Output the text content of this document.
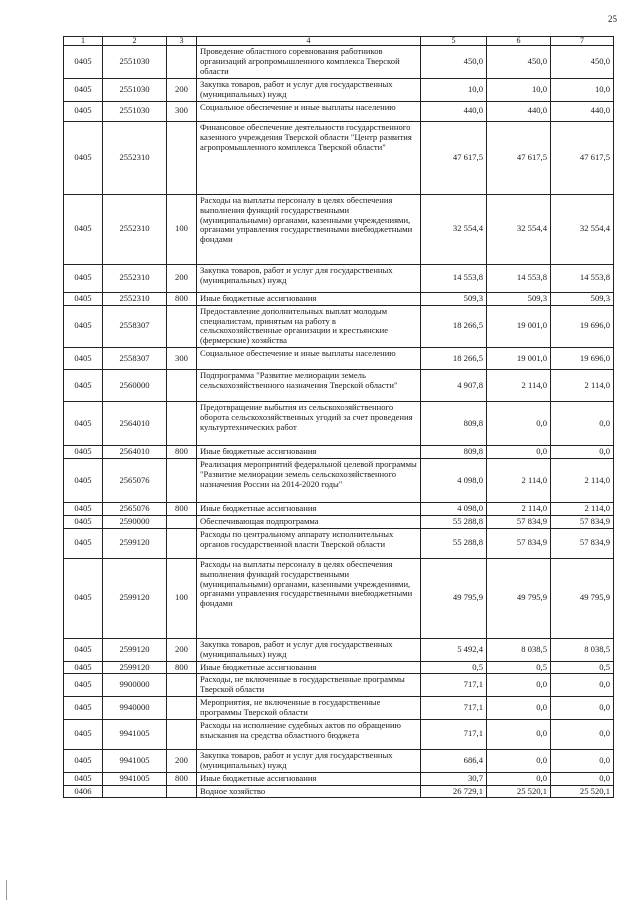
25
1	2	3	4	5	6	7
0405	2551030		Проведение областного соревнования работников организаций агропромышленного комплекса Тверской области	450,0	450,0	450,0
0405	2551030	200	Закупка товаров, работ и услуг для государственных (муниципальных) нужд	10,0	10,0	10,0
0405	2551030	300	Социальное обеспечение и иные выплаты населению	440,0	440,0	440,0
0405	2552310		Финансовое обеспечение деятельности государственного казенного учреждения Тверской области "Центр развития агропромышленного комплекса Тверской области"	47 617,5	47 617,5	47 617,5
0405	2552310	100	Расходы на выплаты персоналу в целях обеспечения выполнения функций государственными (муниципальными) органами, казенными учреждениями, органами управления государственными внебюджетными фондами	32 554,4	32 554,4	32 554,4
0405	2552310	200	Закупка товаров, работ и услуг для государственных (муниципальных) нужд	14 553,8	14 553,8	14 553,8
0405	2552310	800	Иные бюджетные ассигнования	509,3	509,3	509,3
0405	2558307		Предоставление дополнительных выплат молодым специалистам, принятым на работу в сельскохозяйственные организации и крестьянские (фермерские) хозяйства	18 266,5	19 001,0	19 696,0
0405	2558307	300	Социальное обеспечение и иные выплаты населению	18 266,5	19 001,0	19 696,0
0405	2560000		Подпрограмма "Развитие мелиорации земель сельскохозяйственного назначения Тверской области"	4 907,8	2 114,0	2 114,0
0405	2564010		Предотвращение выбытия из сельскохозяйственного оборота сельскохозяйственных угодий за счет проведения культуртехнических работ	809,8	0,0	0,0
0405	2564010	800	Иные бюджетные ассигнования	809,8	0,0	0,0
0405	2565076		Реализация мероприятий федеральной целевой программы "Развитие мелиорации земель сельскохозяйственного назначения России на 2014-2020 годы"	4 098,0	2 114,0	2 114,0
0405	2565076	800	Иные бюджетные ассигнования	4 098,0	2 114,0	2 114,0
0405	2590000		Обеспечивающая подпрограмма	55 288,8	57 834,9	57 834,9
0405	2599120		Расходы по центральному аппарату исполнительных органов государственной власти Тверской области	55 288,8	57 834,9	57 834,9
0405	2599120	100	Расходы на выплаты персоналу в целях обеспечения выполнения функций государственными (муниципальными) органами, казенными учреждениями, органами управления государственными внебюджетными фондами	49 795,9	49 795,9	49 795,9
0405	2599120	200	Закупка товаров, работ и услуг для государственных (муниципальных) нужд	5 492,4	8 038,5	8 038,5
0405	2599120	800	Иные бюджетные ассигнования	0,5	0,5	0,5
0405	9900000		Расходы, не включенные в государственные программы Тверской области	717,1	0,0	0,0
0405	9940000		Мероприятия, не включенные в государственные программы Тверской области	717,1	0,0	0,0
0405	9941005		Расходы на исполнение судебных актов по обращению взыскания на средства областного бюджета	717,1	0,0	0,0
0405	9941005	200	Закупка товаров, работ и услуг для государственных (муниципальных) нужд	686,4	0,0	0,0
0405	9941005	800	Иные бюджетные ассигнования	30,7	0,0	0,0
0406			Водное хозяйство	26 729,1	25 520,1	25 520,1
